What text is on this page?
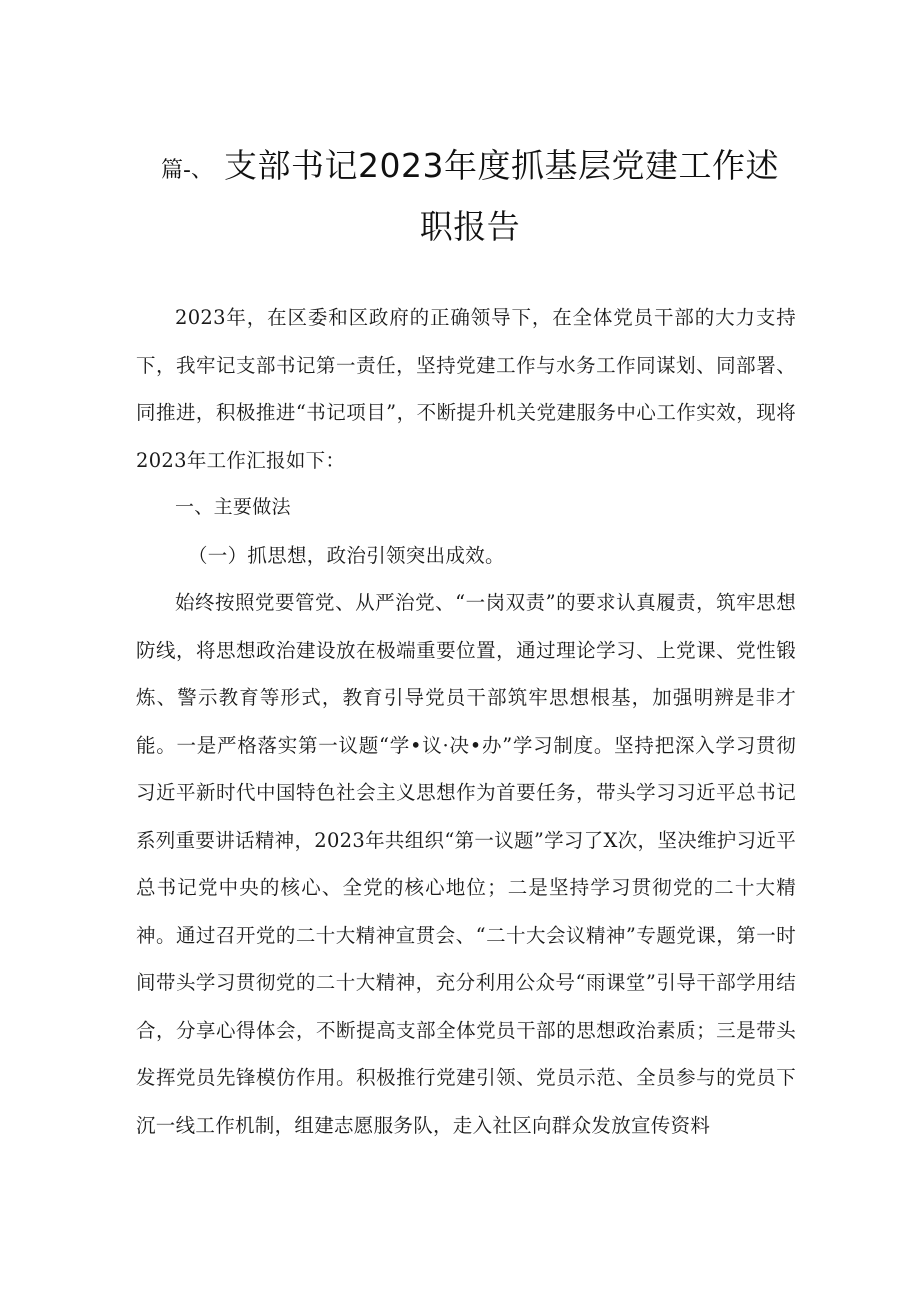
篇-、 支部书记2023年度抓基层党建工作述
职报告

2023年，在区委和区政府的正确领导下，在全体党员干部的大力支持下，我牢记支部书记第一责任，坚持党建工作与水务工作同谋划、同部署、同推进，积极推进“书记项目”，不断提升机关党建服务中心工作实效，现将2023年工作汇报如下：

一、主要做法

（一）抓思想，政治引领突出成效。

始终按照党要管党、从严治党、“一岗双责”的要求认真履责，筑牢思想防线，将思想政治建设放在极端重要位置，通过理论学习、上党课、党性锻炼、警示教育等形式，教育引导党员干部筑牢思想根基，加强明辨是非才能。一是严格落实第一议题“学•议·决•办”学习制度。坚持把深入学习贯彻习近平新时代中国特色社会主义思想作为首要任务，带头学习习近平总书记系列重要讲话精神，2023年共组织“第一议题”学习了X次，坚决维护习近平总书记党中央的核心、全党的核心地位；二是坚持学习贯彻党的二十大精神。通过召开党的二十大精神宣贯会、“二十大会议精神”专题党课，第一时间带头学习贯彻党的二十大精神，充分利用公众号“雨课堂”引导干部学用结合，分享心得体会，不断提高支部全体党员干部的思想政治素质；三是带头发挥党员先锋模仿作用。积极推行党建引领、党员示范、全员参与的党员下沉一线工作机制，组建志愿服务队，走入社区向群众发放宣传资料
